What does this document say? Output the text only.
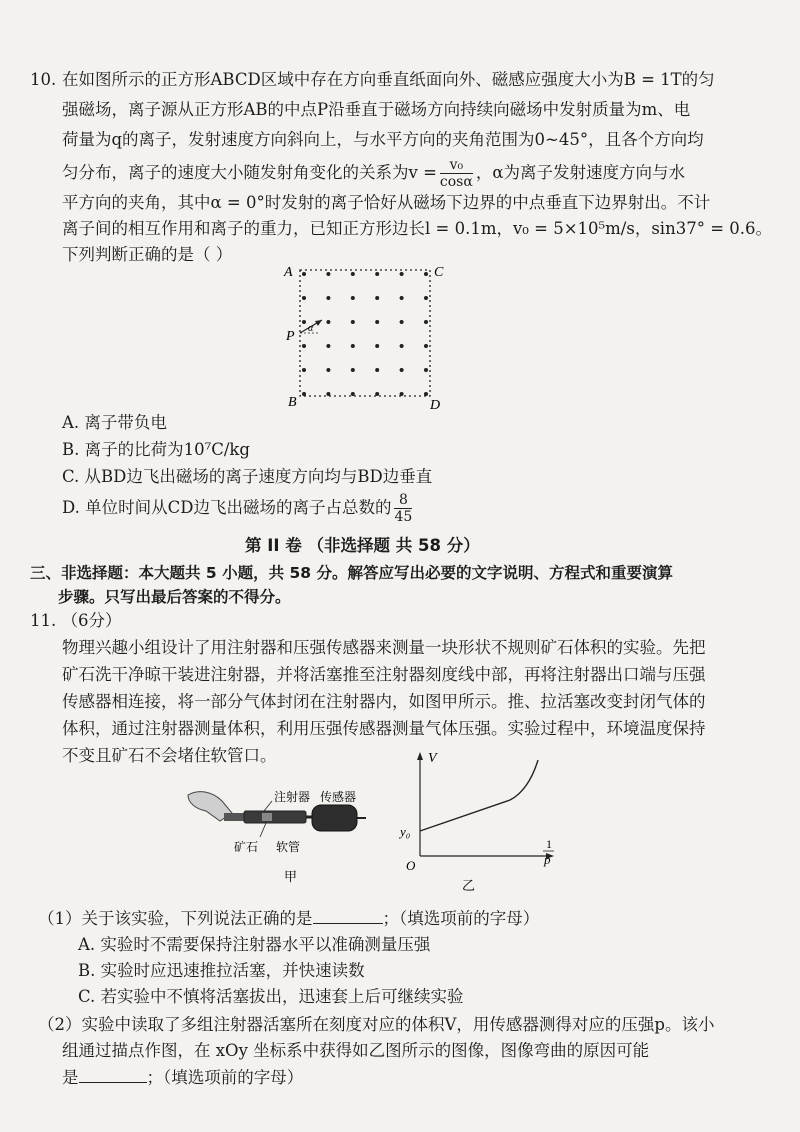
10. 在如图所示的正方形ABCD区域中存在方向垂直纸面向外、磁感应强度大小为B = 1T的匀
强磁场，离子源从正方形AB的中点P沿垂直于磁场方向持续向磁场中发射质量为m、电
荷量为q的离子，发射速度方向斜向上，与水平方向的夹角范围为0~45°，且各个方向均
匀分布，离子的速度大小随发射角变化的关系为$v = \frac{\text{v₀}}{\cos\alpha}$ ，α为离子发射速度方向与水
平方向的夹角，其中α = 0°时发射的离子恰好从磁场下边界的中点垂直下边界射出。不计
离子间的相互作用和离子的重力，已知正方形边长l = 0.1m，v₀ = 5×10⁵m/s，sin37° = 0.6。
下列判断正确的是（ ）
A	C
B	D
P
α
A. 离子带负电
B. 离子的比荷为10⁷C/kg
C. 从BD边飞出磁场的离子速度方向均与BD边垂直
D. 单位时间从CD边飞出磁场的离子占总数的 $\frac{8}{45}$
第 II 卷 （非选择题 共 58 分）
三、非选择题：本大题共 5 小题，共 58 分。解答应写出必要的文字说明、方程式和重要演算
步骤。只写出最后答案的不得分。
11. （6分）
物理兴趣小组设计了用注射器和压强传感器来测量一块形状不规则矿石体积的实验。先把
矿石洗干净晾干装进注射器，并将活塞推至注射器刻度线中部，再将注射器出口端与压强
传感器相连接，将一部分气体封闭在注射器内，如图甲所示。推、拉活塞改变封闭气体的
体积，通过注射器测量体积，利用压强传感器测量气体压强。实验过程中，环境温度保持
不变且矿石不会堵住软管口。
注射器 传感器
矿石 软管
甲
V
y₀
O
1
p
乙
（1）关于该实验，下列说法正确的是	；（填选项前的字母）
A. 实验时不需要保持注射器水平以准确测量压强
B. 实验时应迅速推拉活塞，并快速读数
C. 若实验中不慎将活塞拔出，迅速套上后可继续实验
（2）实验中读取了多组注射器活塞所在刻度对应的体积V，用传感器测得对应的压强p。该小
组通过描点作图，在 xOy 坐标系中获得如乙图所示的图像，图像弯曲的原因可能
是	；（填选项前的字母）
